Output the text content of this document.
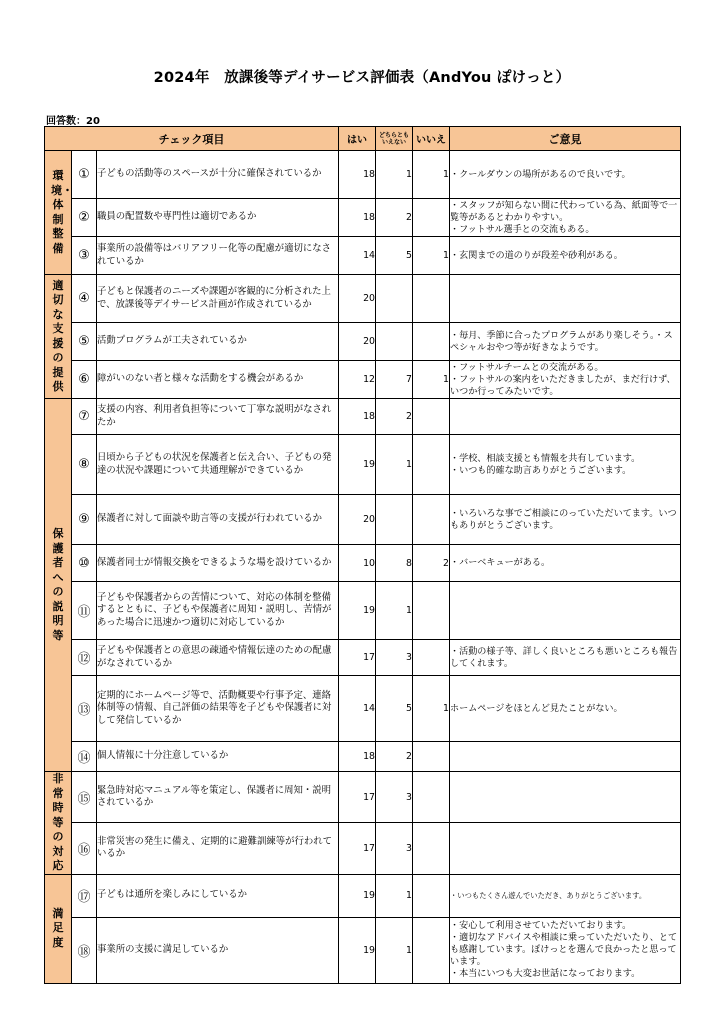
2024年　放課後等デイサービス評価表（AndYou ぽけっと）
回答数：20
チェック項目			はい	どちらとも
いえない	いいえ	ご意見
環境・体制整備	①	子どもの活動等のスペースが十分に確保されているか	18	1	1	・クールダウンの場所があるので良いです。

	②	職員の配置数や専門性は適切であるか	18	2		・スタッフが知らない間に代わっている為、紙面等で一覧等があるとわかりやすい。
・フットサル選手との交流もある。

	③	事業所の設備等はバリアフリー化等の配慮が適切になされているか	14	5	1	・玄関までの道のりが段差や砂利がある。

適切な支援の提供	④	子どもと保護者のニーズや課題が客観的に分析された上で、放課後等デイサービス計画が作成されているか	20			
	⑤	活動プログラムが工夫されているか	20			・毎月、季節に合ったプログラムがあり楽しそう。・スペシャルおやつ等が好きなようです。

	⑥	障がいのない者と様々な活動をする機会があるか	12	7	1	・フットサルチームとの交流がある。
・フットサルの案内をいただきましたが、まだ行けず、いつか行ってみたいです。

保護者への説明等	⑦	支援の内容、利用者負担等について丁寧な説明がなされたか	18	2		
	⑧	日頃から子どもの状況を保護者と伝え合い、子どもの発達の状況や課題について共通理解ができているか	19	1		・学校、相談支援とも情報を共有しています。
・いつも的確な助言ありがとうございます。

	⑨	保護者に対して面談や助言等の支援が行われているか	20			・いろいろな事でご相談にのっていただいてます。いつもありがとうございます。

	⑩	保護者同士が情報交換をできるような場を設けているか	10	8	2	・バーベキューがある。

	⑪	子どもや保護者からの苦情について、対応の体制を整備するとともに、子どもや保護者に周知・説明し、苦情があった場合に迅速かつ適切に対応しているか	19	1		
	⑫	子どもや保護者との意思の疎通や情報伝達のための配慮がなされているか	17	3		・活動の様子等、詳しく良いところも悪いところも報告してくれます。

	⑬	定期的にホームページ等で、活動概要や行事予定、連絡体制等の情報、自己評価の結果等を子どもや保護者に対して発信しているか	14	5	1	ホームページをほとんど見たことがない。

	⑭	個人情報に十分注意しているか	18	2		
非常時等の対応	⑮	緊急時対応マニュアル等を策定し、保護者に周知・説明されているか	17	3		
	⑯	非常災害の発生に備え、定期的に避難訓練等が行われているか	17	3		
満足度	⑰	子どもは通所を楽しみにしているか	19	1		・いつもたくさん遊んでいただき、ありがとうございます。

	⑱	事業所の支援に満足しているか	19	1		・安心して利用させていただいております。
・適切なアドバイスや相談に乗っていただいたり、とても感謝しています。ぽけっとを選んで良かったと思っています。
・本当にいつも大変お世話になっております。
